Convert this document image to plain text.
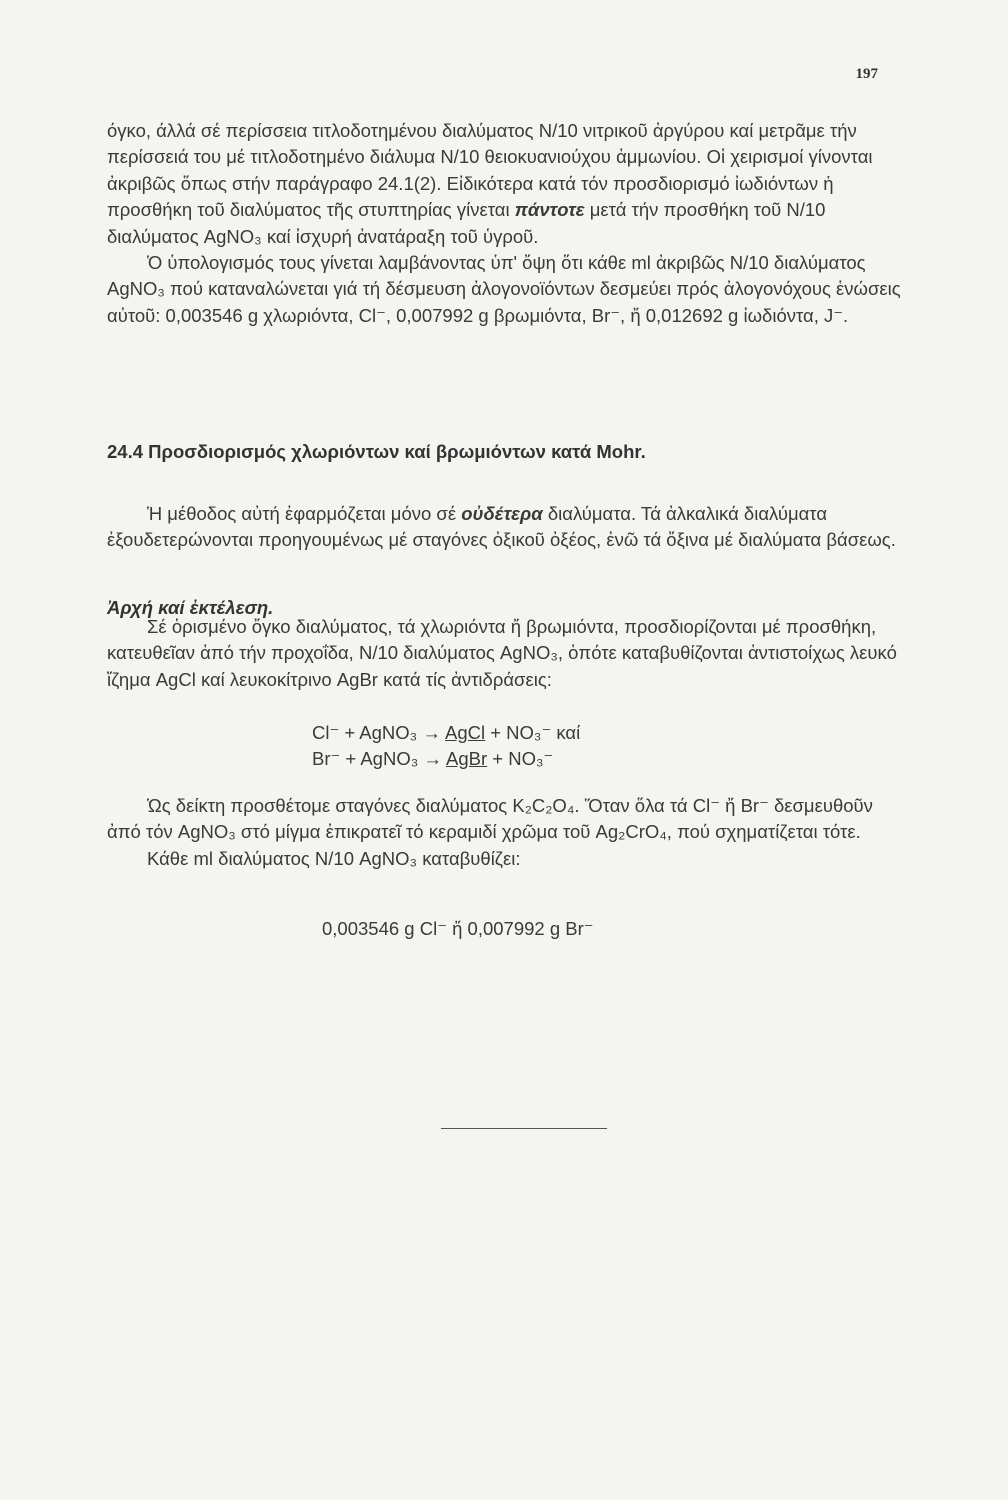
197

όγκο, άλλά σέ περίσσεια τιτλοδοτημένου διαλύματος Ν/10 νιτρικοῦ ἀργύρου καί μετρᾶμε τήν περίσσειά του μέ τιτλοδοτημένο διάλυμα Ν/10 θειοκυανιούχου ἀμμωνίου. Οἱ χειρισμοί γίνονται ἀκριβῶς ὅπως στήν παράγραφο 24.1(2). Εἰδικότερα κατά τόν προσδιορισμό ἰωδιόντων ἡ προσθήκη τοῦ διαλύματος τῆς στυπτηρίας γίνεται πάντοτε μετά τήν προσθήκη τοῦ Ν/10 διαλύματος AgNO₃ καί ἰσχυρή ἀνατάραξη τοῦ ὑγροῦ.

Ὁ ὑπολογισμός τους γίνεται λαμβάνοντας ὑπ' ὄψη ὅτι κάθε ml ἀκριβῶς Ν/10 διαλύματος AgNO₃ πού καταναλώνεται γιά τή δέσμευση ἀλογονοϊόντων δεσμεύει πρός ἀλογονόχους ἑνώσεις αὐτοῦ: 0,003546 g χλωριόντα, Cl⁻, 0,007992 g βρωμιόντα, Br⁻, ἤ 0,012692 g ἰωδιόντα, J⁻.

24.4 Προσδιορισμός χλωριόντων καί βρωμιόντων κατά Mohr.

Ἡ μέθοδος αὐτή ἐφαρμόζεται μόνο σέ οὐδέτερα διαλύματα. Τά ἀλκαλικά διαλύματα ἐξουδετερώνονται προηγουμένως μέ σταγόνες ὀξικοῦ ὀξέος, ἐνῶ τά ὄξινα μέ διαλύματα βάσεως.

Ἀρχή καί ἐκτέλεση.

Σέ ὁρισμένο ὄγκο διαλύματος, τά χλωριόντα ἤ βρωμιόντα, προσδιορίζονται μέ προσθήκη, κατευθεῖαν ἀπό τήν προχοΐδα, Ν/10 διαλύματος AgNO₃, ὁπότε καταβυθίζονται ἀντιστοίχως λευκό ἴζημα AgCl καί λευκοκίτρινο AgBr κατά τίς ἀντιδράσεις:

Cl⁻ + AgNO₃ → AgCl + NO₃⁻ καί
Br⁻ + AgNO₃ → AgBr + NO₃⁻

Ὡς δείκτη προσθέτομε σταγόνες διαλύματος K₂C₂O₄. Ὅταν ὅλα τά Cl⁻ ἤ Br⁻ δεσμευθοῦν ἀπό τόν AgNO₃ στό μίγμα ἐπικρατεῖ τό κεραμιδί χρῶμα τοῦ Ag₂CrO₄, πού σχηματίζεται τότε.

Κάθε ml διαλύματος Ν/10 AgNO₃ καταβυθίζει:

0,003546 g Cl⁻ ἤ 0,007992 g Br⁻
